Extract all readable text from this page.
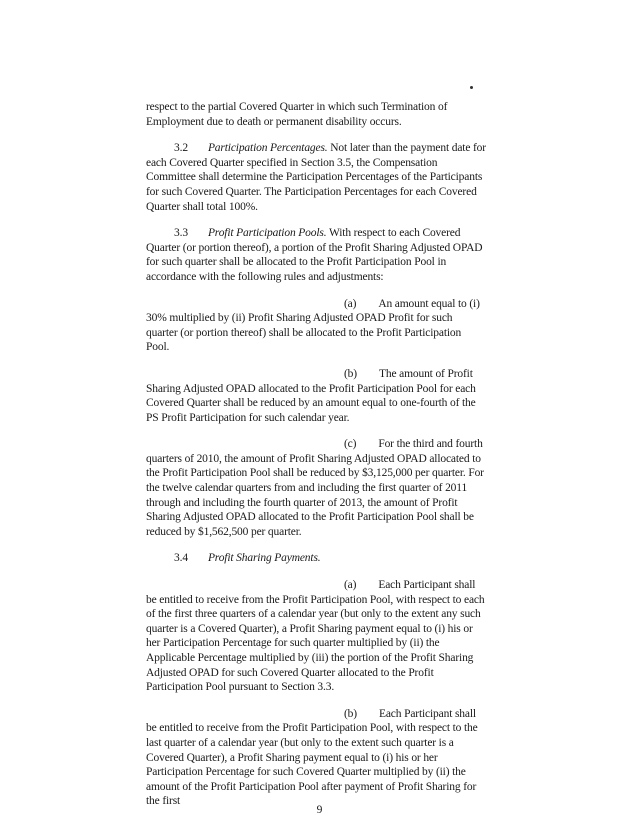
respect to the partial Covered Quarter in which such Termination of Employment due to death or permanent disability occurs.

3.2 Participation Percentages. Not later than the payment date for each Covered Quarter specified in Section 3.5, the Compensation Committee shall determine the Participation Percentages of the Participants for such Covered Quarter. The Participation Percentages for each Covered Quarter shall total 100%.

3.3 Profit Participation Pools. With respect to each Covered Quarter (or portion thereof), a portion of the Profit Sharing Adjusted OPAD for such quarter shall be allocated to the Profit Participation Pool in accordance with the following rules and adjustments:

(a) An amount equal to (i) 30% multiplied by (ii) Profit Sharing Adjusted OPAD Profit for such quarter (or portion thereof) shall be allocated to the Profit Participation Pool.

(b) The amount of Profit Sharing Adjusted OPAD allocated to the Profit Participation Pool for each Covered Quarter shall be reduced by an amount equal to one-fourth of the PS Profit Participation for such calendar year.

(c) For the third and fourth quarters of 2010, the amount of Profit Sharing Adjusted OPAD allocated to the Profit Participation Pool shall be reduced by $3,125,000 per quarter. For the twelve calendar quarters from and including the first quarter of 2011 through and including the fourth quarter of 2013, the amount of Profit Sharing Adjusted OPAD allocated to the Profit Participation Pool shall be reduced by $1,562,500 per quarter.

3.4 Profit Sharing Payments.

(a) Each Participant shall be entitled to receive from the Profit Participation Pool, with respect to each of the first three quarters of a calendar year (but only to the extent any such quarter is a Covered Quarter), a Profit Sharing payment equal to (i) his or her Participation Percentage for such quarter multiplied by (ii) the Applicable Percentage multiplied by (iii) the portion of the Profit Sharing Adjusted OPAD for such Covered Quarter allocated to the Profit Participation Pool pursuant to Section 3.3.

(b) Each Participant shall be entitled to receive from the Profit Participation Pool, with respect to the last quarter of a calendar year (but only to the extent such quarter is a Covered Quarter), a Profit Sharing payment equal to (i) his or her Participation Percentage for such Covered Quarter multiplied by (ii) the amount of the Profit Participation Pool after payment of Profit Sharing for the first

9
